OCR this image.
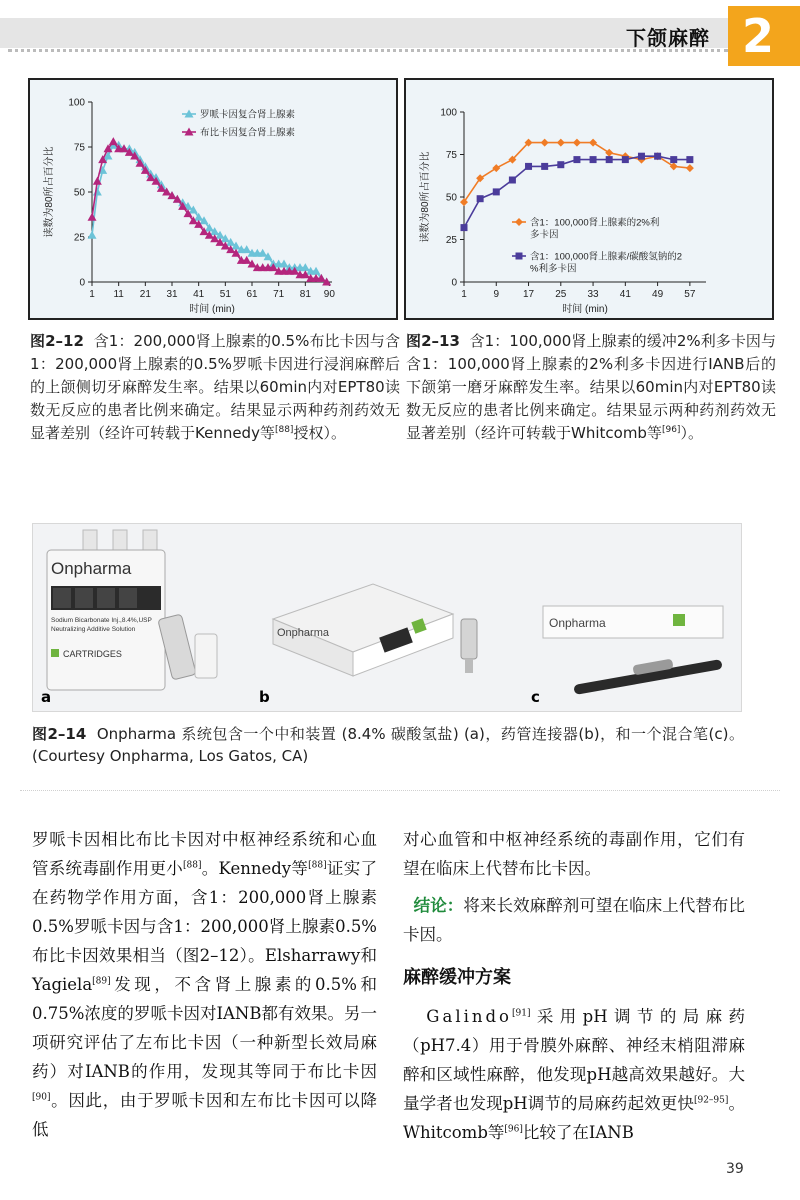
下颌麻醉 2
0
25
50
75
100
1 11 21 31 41 51 61 71 81 90
时间 (min)
读数为80所占百分比
罗哌卡因复合肾上腺素
布比卡因复合肾上腺素
0
25
50
75
100
1	9 17 25 33 41 49 57
时间 (min)
读数为80所占百分比	含1：100,000肾上腺素的2%利
多卡因
含1：100,000肾上腺素/碳酸氢钠的2
%利多卡因
图2–12 含1：200,000肾上腺素的0.5%布比卡因与含1：200,000肾上腺素的0.5%罗哌卡因进行浸润麻醉后的上颌侧切牙麻醉发生率。结果以60min内对EPT80读数无反应的患者比例来确定。结果显示两种药剂药效无显著差别（经许可转载于Kennedy等[88]授权）。
图2–13 含1：100,000肾上腺素的缓冲2%利多卡因与含1：100,000肾上腺素的2%利多卡因进行IANB后的下颌第一磨牙麻醉发生率。结果以60min内对EPT80读数无反应的患者比例来确定。结果显示两种药剂药效无显著差别（经许可转载于Whitcomb等[96]）。
Onpharma
Sodium Bicarbonate Inj.,8.4%,USP
Neutralizing Additive Solution
CARTRIDGES
Onpharma
Onpharma
a	b	c
图2–14 Onpharma 系统包含一个中和装置 (8.4% 碳酸氢盐) (a)，药管连接器(b)，和一个混合笔(c)。(Courtesy Onpharma, Los Gatos, CA)
罗哌卡因相比布比卡因对中枢神经系统和心血管系统毒副作用更小[88]。Kennedy等[88]证实了在药物学作用方面，含1：200,000肾上腺素0.5%罗哌卡因与含1：200,000肾上腺素0.5%布比卡因效果相当（图2–12）。Elsharrawy和Yagiela[89]发现，不含肾上腺素的0.5%和0.75%浓度的罗哌卡因对IANB都有效果。另一项研究评估了左布比卡因（一种新型长效局麻药）对IANB的作用，发现其等同于布比卡因[90]。因此，由于罗哌卡因和左布比卡因可以降低
对心血管和中枢神经系统的毒副作用，它们有望在临床上代替布比卡因。
结论：将来长效麻醉剂可望在临床上代替布比卡因。
麻醉缓冲方案
Galindo[91]采用pH调节的局麻药（pH7.4）用于骨膜外麻醉、神经末梢阻滞麻醉和区域性麻醉，他发现pH越高效果越好。大量学者也发现pH调节的局麻药起效更快[92–95]。Whitcomb等[96]比较了在IANB
39
